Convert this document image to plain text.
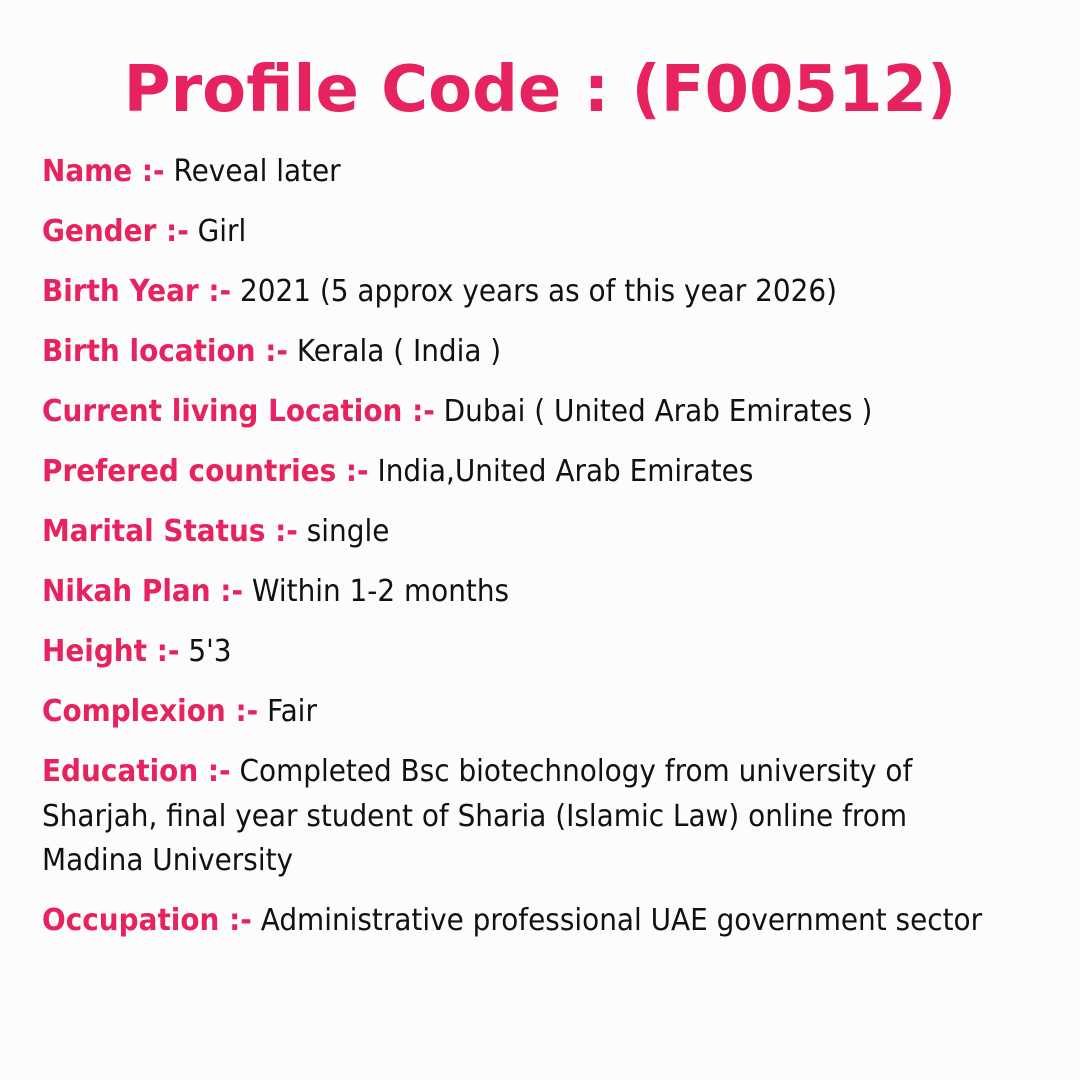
Profile Code : (F00512)

Name :- Reveal later

Gender :- Girl

Birth Year :- 2021 (5 approx years as of this year 2026)

Birth location :- Kerala ( India )

Current living Location :- Dubai ( United Arab Emirates )

Prefered countries :- India,United Arab Emirates

Marital Status :- single

Nikah Plan :- Within 1-2 months

Height :- 5'3

Complexion :- Fair

Education :- Completed Bsc biotechnology from university of Sharjah, final year student of Sharia (Islamic Law) online from Madina University

Occupation :- Administrative professional UAE government sector
